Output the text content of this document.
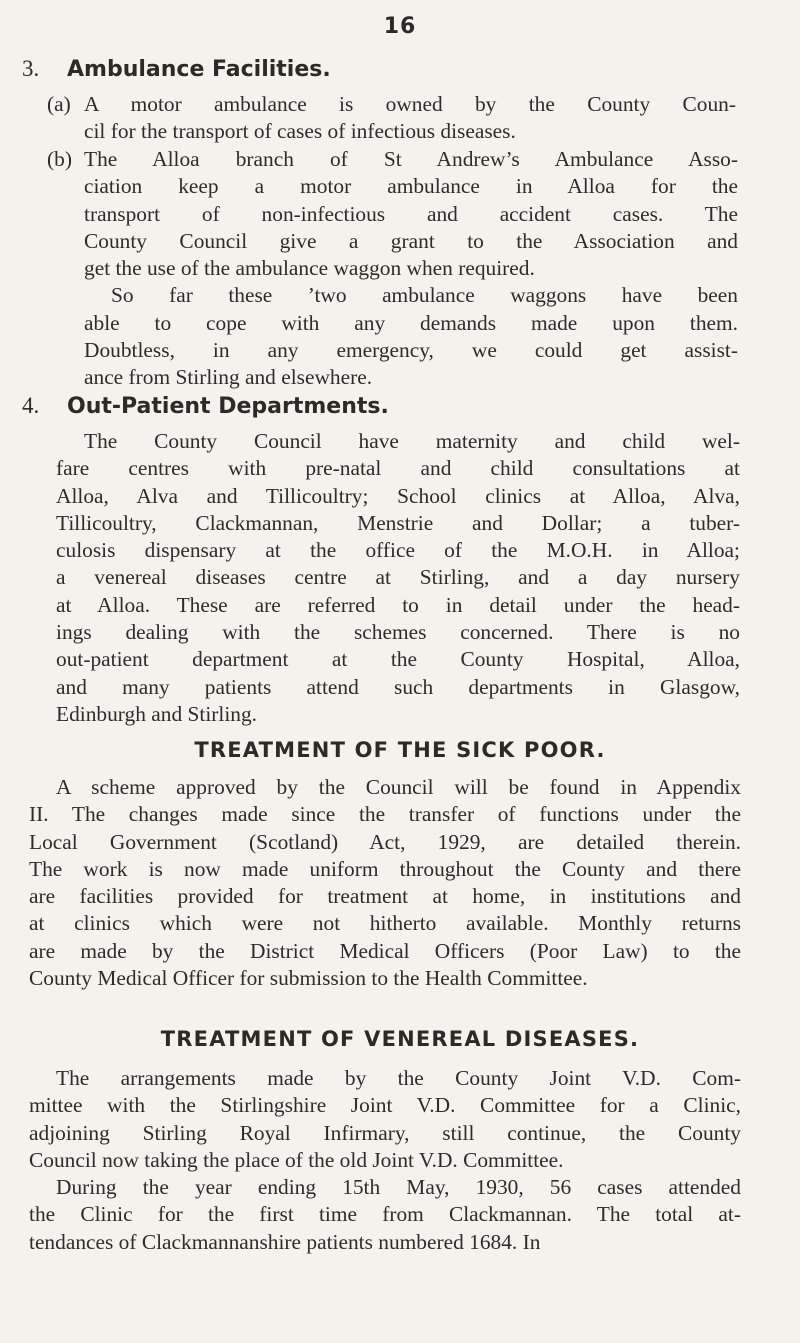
16
3.	Ambulance Facilities.
(a) A motor ambulance is owned by the County Coun-
cil for the transport of cases of infectious diseases.
(b) The Alloa branch of St Andrew’s Ambulance Asso-
ciation keep a motor ambulance in Alloa for the
transport of non-infectious and accident cases. The
County Council give a grant to the Association and
get the use of the ambulance waggon when required.
So far these ’two ambulance waggons have been
able to cope with any demands made upon them.
Doubtless, in any emergency, we could get assist-
ance from Stirling and elsewhere.
4.	Out-Patient Departments.
The County Council have maternity and child wel-
fare centres with pre-natal and child consultations at
Alloa, Alva and Tillicoultry; School clinics at Alloa, Alva,
Tillicoultry, Clackmannan, Menstrie and Dollar; a tuber-
culosis dispensary at the office of the M.O.H. in Alloa;
a venereal diseases centre at Stirling, and a day nursery
at Alloa. These are referred to in detail under the head-
ings dealing with the schemes concerned. There is no
out-patient department at the County Hospital, Alloa,
and many patients attend such departments in Glasgow,
Edinburgh and Stirling.
TREATMENT OF THE SICK POOR.
A scheme approved by the Council will be found in Appendix
II. The changes made since the transfer of functions under the
Local Government (Scotland) Act, 1929, are detailed therein.
The work is now made uniform throughout the County and there
are facilities provided for treatment at home, in institutions and
at clinics which were not hitherto available. Monthly returns
are made by the District Medical Officers (Poor Law) to the
County Medical Officer for submission to the Health Committee.
TREATMENT OF VENEREAL DISEASES.
The arrangements made by the County Joint V.D. Com-
mittee with the Stirlingshire Joint V.D. Committee for a Clinic,
adjoining Stirling Royal Infirmary, still continue, the County
Council now taking the place of the old Joint V.D. Committee.
During the year ending 15th May, 1930, 56 cases attended
the Clinic for the first time from Clackmannan. The total at-
tendances of Clackmannanshire patients numbered 1684. In
